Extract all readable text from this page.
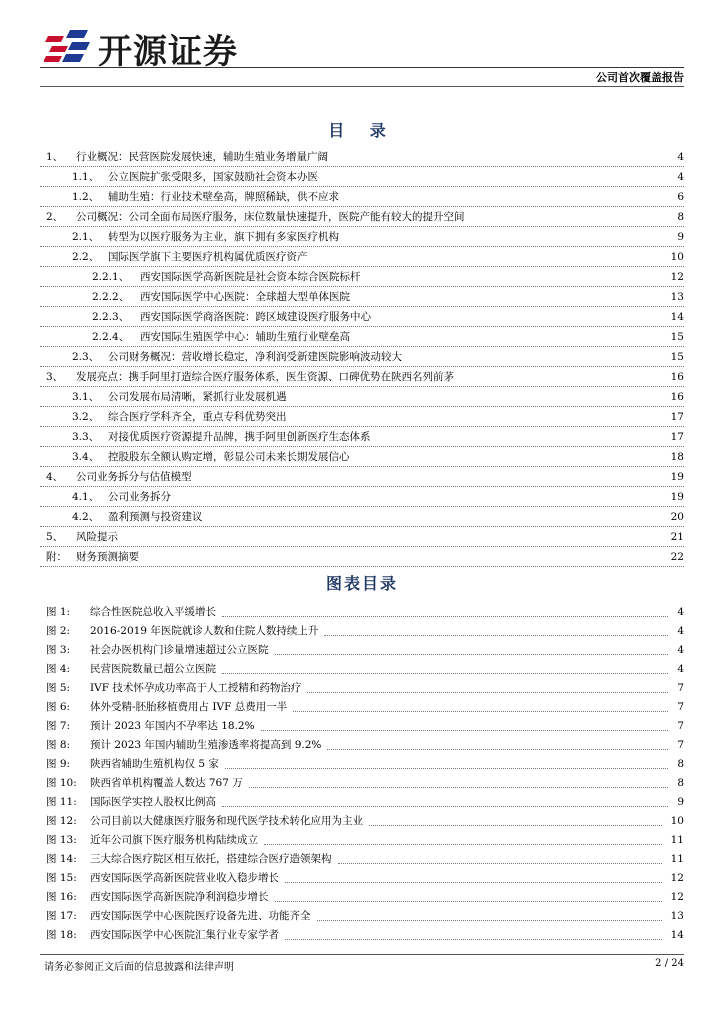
开源证券
公司首次覆盖报告
目 录
1、 行业概况：民营医院发展快速，辅助生殖业务增量广阔	4
1.1、 公立医院扩张受限多，国家鼓励社会资本办医	4
1.2、 辅助生殖：行业技术壁垒高，牌照稀缺，供不应求	6
2、 公司概况：公司全面布局医疗服务，床位数量快速提升，医院产能有较大的提升空间	8
2.1、 转型为以医疗服务为主业，旗下拥有多家医疗机构	9
2.2、 国际医学旗下主要医疗机构属优质医疗资产	10
2.2.1、 西安国际医学高新医院是社会资本综合医院标杆	12
2.2.2、 西安国际医学中心医院：全球超大型单体医院	13
2.2.3、 西安国际医学商洛医院：跨区域建设医疗服务中心	14
2.2.4、 西安国际生殖医学中心：辅助生殖行业壁垒高	15
2.3、 公司财务概况：营收增长稳定，净利润受新建医院影响波动较大	15
3、 发展亮点：携手阿里打造综合医疗服务体系，医生资源、口碑优势在陕西名列前茅	16
3.1、 公司发展布局清晰，紧抓行业发展机遇	16
3.2、 综合医疗学科齐全，重点专科优势突出	17
3.3、 对接优质医疗资源提升品牌，携手阿里创新医疗生态体系	17
3.4、 控股股东全额认购定增，彰显公司未来长期发展信心	18
4、 公司业务拆分与估值模型	19
4.1、 公司业务拆分	19
4.2、 盈利预测与投资建议	20
5、 风险提示	21
附： 财务预测摘要	22
图表目录
图 1: 综合性医院总收入平缓增长	4
图 2: 2016-2019 年医院就诊人数和住院人数持续上升	4
图 3: 社会办医机构门诊量增速超过公立医院	4
图 4: 民营医院数量已超公立医院	4
图 5: IVF 技术怀孕成功率高于人工授精和药物治疗	7
图 6: 体外受精-胚胎移植费用占 IVF 总费用一半	7
图 7: 预计 2023 年国内不孕率达 18.2%	7
图 8: 预计 2023 年国内辅助生殖渗透率将提高到 9.2%	7
图 9: 陕西省辅助生殖机构仅 5 家	8
图 10: 陕西省单机构覆盖人数达 767 万	8
图 11: 国际医学实控人股权比例高	9
图 12: 公司目前以大健康医疗服务和现代医学技术转化应用为主业	10
图 13: 近年公司旗下医疗服务机构陆续成立	11
图 14: 三大综合医疗院区相互依托，搭建综合医疗造领架构	11
图 15: 西安国际医学高新医院营业收入稳步增长	12
图 16: 西安国际医学高新医院净利润稳步增长	12
图 17: 西安国际医学中心医院医疗设备先进、功能齐全	13
图 18: 西安国际医学中心医院汇集行业专家学者	14
请务必参阅正文后面的信息披露和法律声明	2 / 24
